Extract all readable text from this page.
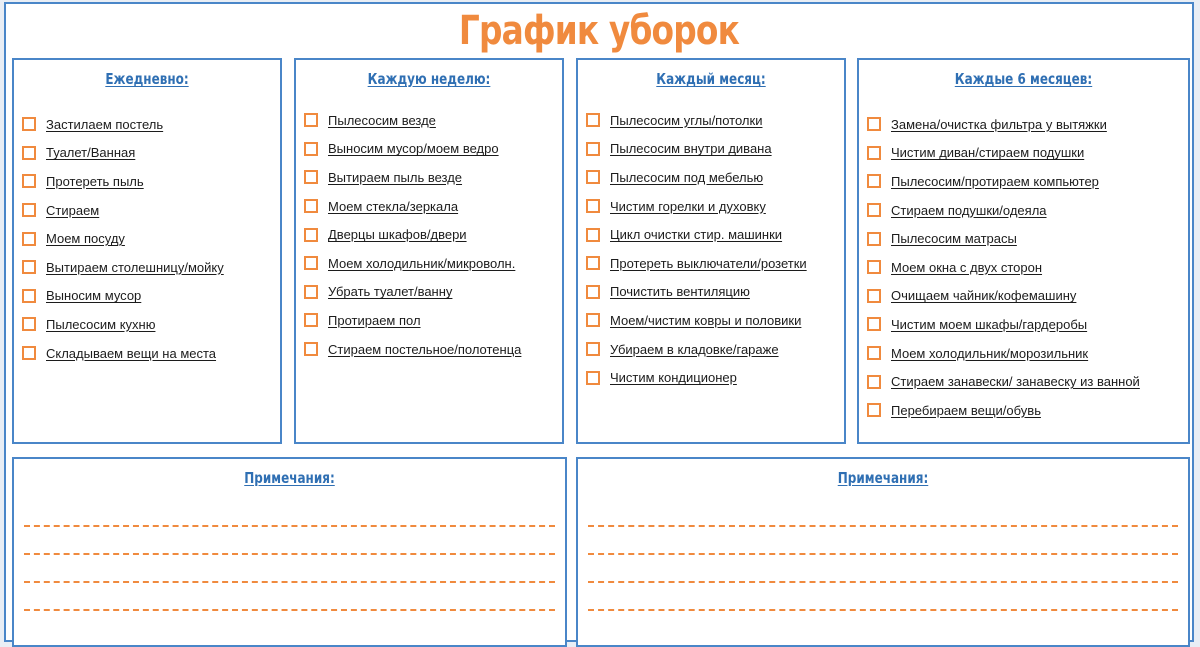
График уборок
Ежедневно:
Застилаем постель
Туалет/Ванная
Протереть пыль
Стираем
Моем посуду
Вытираем столешницу/мойку
Выносим мусор
Пылесосим кухню
Складываем вещи на места
Каждую неделю:
Пылесосим везде
Выносим мусор/моем ведро
Вытираем пыль везде
Моем стекла/зеркала
Дверцы шкафов/двери
Моем холодильник/микроволн.
Убрать туалет/ванну
Протираем пол
Стираем постельное/полотенца
Каждый месяц:
Пылесосим углы/потолки
Пылесосим внутри дивана
Пылесосим под мебелью
Чистим горелки и духовку
Цикл очистки стир. машинки
Протереть выключатели/розетки
Почистить вентиляцию
Моем/чистим ковры и половики
Убираем в кладовке/гараже
Чистим кондиционер
Каждые 6 месяцев:
Замена/очистка фильтра у вытяжки
Чистим диван/стираем подушки
Пылесосим/протираем компьютер
Стираем подушки/одеяла
Пылесосим матрасы
Моем окна с двух сторон
Очищаем чайник/кофемашину
Чистим моем шкафы/гардеробы
Моем холодильник/морозильник
Стираем занавески/ занавеску из ванной
Перебираем вещи/обувь
Примечания:	Примечания:
